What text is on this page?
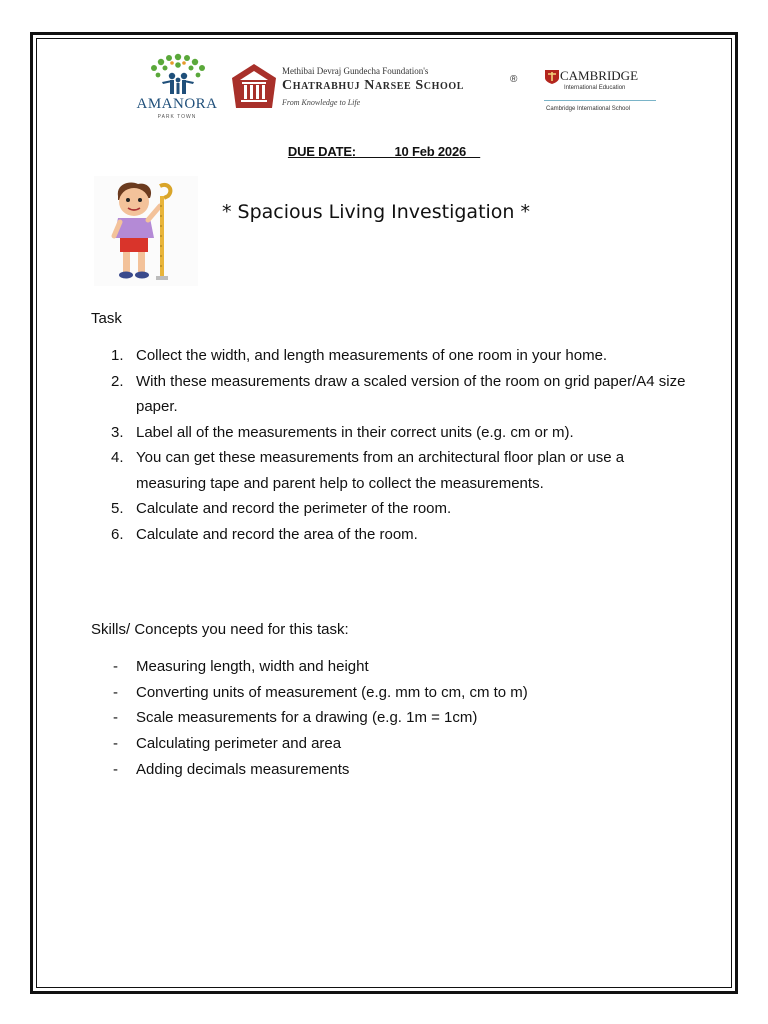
AMANORA
PARK TOWN
Methibai Devraj Gundecha Foundation's
Chatrabhuj Narsee School	®
From Knowledge to Life
CAMBRIDGE
International Education
Cambridge International School
DUE DATE: _____10 Feb 2026__
* Spacious Living Investigation *
Task
1. Collect the width, and length measurements of one room in your home.
2. With these measurements draw a scaled version of the room on grid paper/A4 size paper.
3. Label all of the measurements in their correct units (e.g. cm or m).
4. You can get these measurements from an architectural floor plan or use a measuring tape and parent help to collect the measurements.
5. Calculate and record the perimeter of the room.
6. Calculate and record the area of the room.
Skills/ Concepts you need for this task:
- Measuring length, width and height
- Converting units of measurement (e.g. mm to cm, cm to m)
- Scale measurements for a drawing (e.g. 1m = 1cm)
- Calculating perimeter and area
- Adding decimals measurements
